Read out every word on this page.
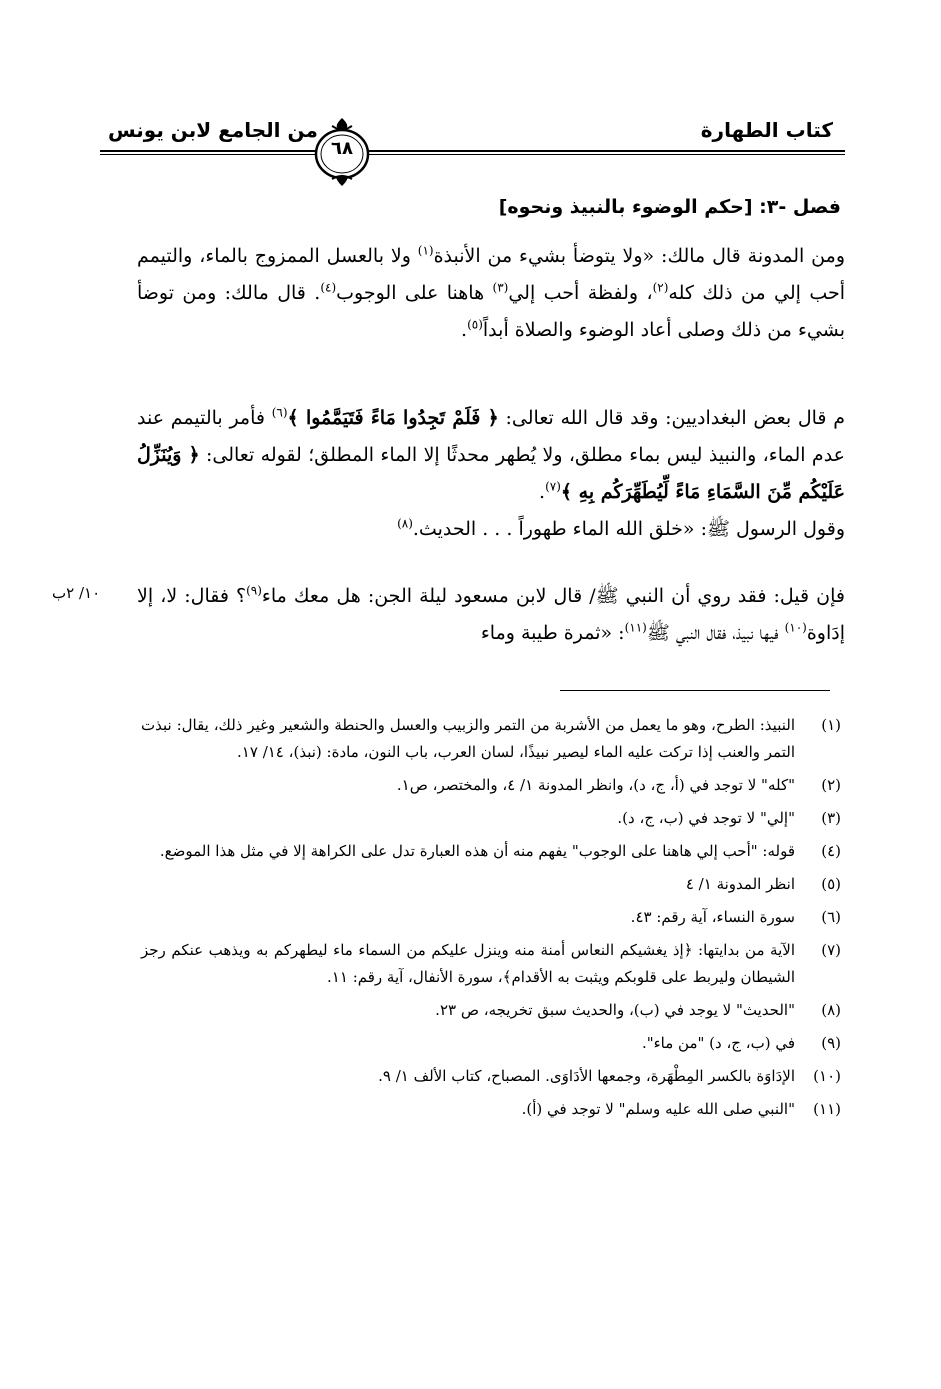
كتاب الطهارة
من الجامع لابن يونس
٦٨
فصل -٣: [حكم الوضوء بالنبيذ ونحوه]

ومن المدونة قال مالك: «ولا يتوضأ بشيء من الأنبذة$^{(١)}$ ولا بالعسل الممزوج بالماء، والتيمم أحب إلي من ذلك كله$^{(٢)}$، ولفظة أحب إلي$^{(٣)}$ هاهنا على الوجوب$^{(٤)}$. قال مالك: ومن توضأ بشيء من ذلك وصلى أعاد الوضوء والصلاة أبداً$^{(٥)}$.

م قال بعض البغداديين: وقد قال الله تعالى: ﴿ فَلَمْ تَجِدُوا مَاءً فَتَيَمَّمُوا ﴾$^{(٦)}$ فأمر بالتيمم عند عدم الماء، والنبيذ ليس بماء مطلق، ولا يُطهر محدثًا إلا الماء المطلق؛ لقوله تعالى: ﴿ وَيُنَزِّلُ عَلَيْكُم مِّنَ السَّمَاءِ مَاءً لِّيُطَهِّرَكُم بِهِ ﴾$^{(٧)}$.

وقول الرسول ﷺ: «خلق الله الماء طهوراً . . . الحديث.$^{(٨)}$

١٠/ ٢ب	فإن قيل: فقد روي أن النبي ﷺ/ قال لابن مسعود ليلة الجن: هل معك ماء$^{(٩)}$؟ فقال: لا، إلا إدَاوة$^{(١٠)}$ فيها نبيذ، فقال النبي ﷺ$^{(١١)}$: «ثمرة طيبة وماء

(١)
النبيذ: الطرح، وهو ما يعمل من الأشربة من التمر والزبيب والعسل والحنطة والشعير وغير ذلك، يقال: نبذت التمر والعنب إذا تركت عليه الماء ليصير نبيذًا، لسان العرب، باب النون، مادة: (نبذ)، ١٤/ ١٧.
(٢)
"كله" لا توجد في (أ، ج، د)، وانظر المدونة ١/ ٤، والمختصر، ص١.
(٣)
"إلي" لا توجد في (ب، ج، د).
(٤)
قوله: "أحب إلي هاهنا على الوجوب" يفهم منه أن هذه العبارة تدل على الكراهة إلا في مثل هذا الموضع.
(٥)
انظر المدونة ١/ ٤
(٦)
سورة النساء، آية رقم: ٤٣.
(٧)
الآية من بدايتها: ﴿إذ يغشيكم النعاس أمنة منه وينزل عليكم من السماء ماء ليطهركم به ويذهب عنكم رجز الشيطان وليربط على قلوبكم ويثبت به الأقدام﴾، سورة الأنفال، آية رقم: ١١.
(٨)
"الحديث" لا يوجد في (ب)، والحديث سبق تخريجه، ص ٢٣.
(٩)
في (ب، ج، د) "من ماء".
(١٠)
الإدَاوَة بالكسر المِطْهَرة، وجمعها الأدَاوَى. المصباح، كتاب الألف ١/ ٩.
(١١)
"النبي صلى الله عليه وسلم" لا توجد في (أ).
